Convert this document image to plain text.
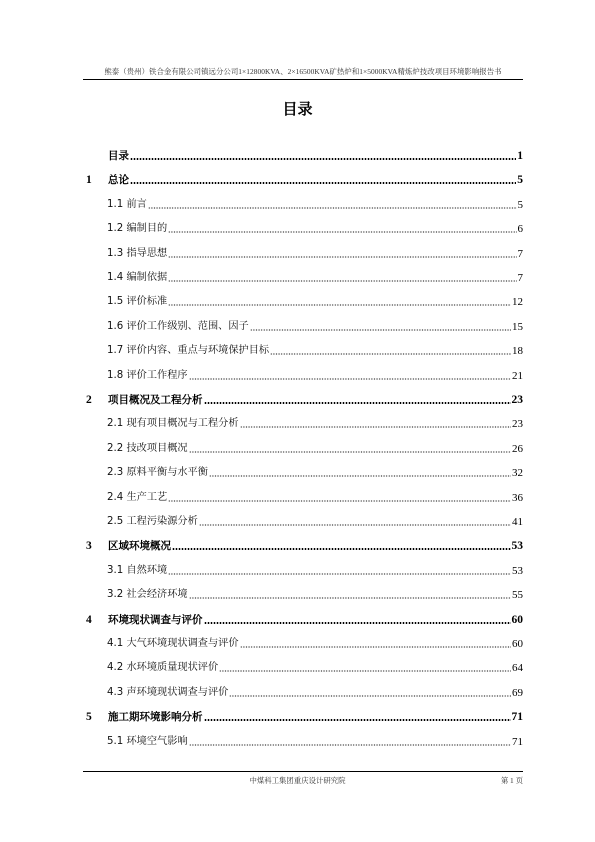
熊泰（贵州）铁合金有限公司镇远分公司1×12800KVA、2×16500KVA矿热炉和1×5000KVA精炼炉技改项目环境影响报告书
目录
目录	1
1	总论	5
1.1 前言	5
1.2 编制目的	6
1.3 指导思想	7
1.4 编制依据	7
1.5 评价标准	12
1.6 评价工作级别、范围、因子	15
1.7 评价内容、重点与环境保护目标	18
1.8 评价工作程序	21
2	项目概况及工程分析	23
2.1 现有项目概况与工程分析	23
2.2 技改项目概况	26
2.3 原料平衡与水平衡	32
2.4 生产工艺	36
2.5 工程污染源分析	41
3	区域环境概况	53
3.1 自然环境	53
3.2 社会经济环境	55
4	环境现状调查与评价	60
4.1 大气环境现状调查与评价	60
4.2 水环境质量现状评价	64
4.3 声环境现状调查与评价	69
5	施工期环境影响分析	71
5.1 环境空气影响	71
中煤科工集团重庆设计研究院	第 1 页
